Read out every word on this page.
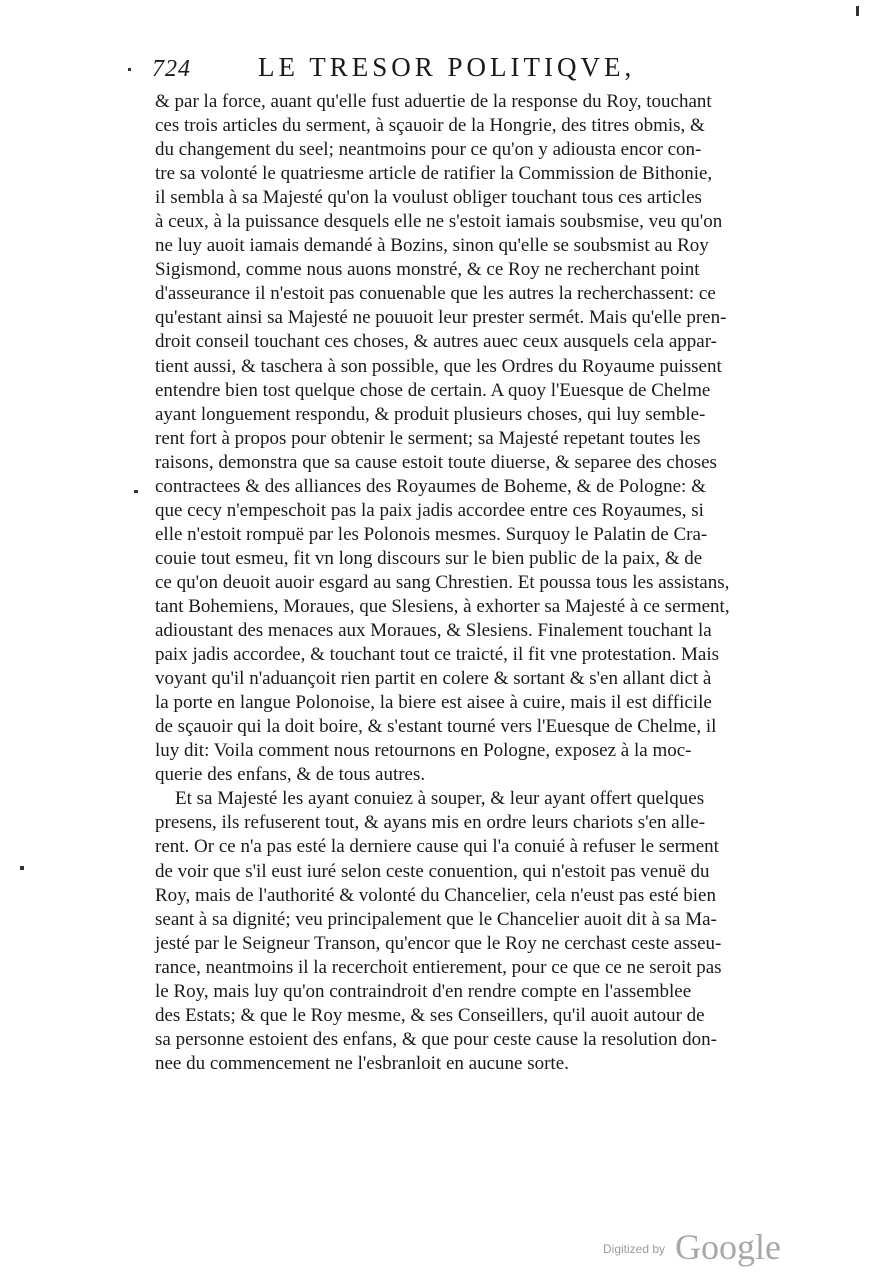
724 LE TRESOR POLITIQVE,
& par la force, auant qu'elle fust aduertie de la response du Roy, touchant
ces trois articles du serment, à sçauoir de la Hongrie, des titres obmis, &
du changement du seel; neantmoins pour ce qu'on y adiousta encor con-
tre sa volonté le quatriesme article de ratifier la Commission de Bithonie,
il sembla à sa Majesté qu'on la voulust obliger touchant tous ces articles
à ceux, à la puissance desquels elle ne s'estoit iamais soubsmise, veu qu'on
ne luy auoit iamais demandé à Bozins, sinon qu'elle se soubsmist au Roy
Sigismond, comme nous auons monstré, & ce Roy ne recherchant point
d'asseurance il n'estoit pas conuenable que les autres la recherchassent: ce
qu'estant ainsi sa Majesté ne pouuoit leur prester sermét. Mais qu'elle pren-
droit conseil touchant ces choses, & autres auec ceux ausquels cela appar-
tient aussi, & taschera à son possible, que les Ordres du Royaume puissent
entendre bien tost quelque chose de certain. A quoy l'Euesque de Chelme
ayant longuement respondu, & produit plusieurs choses, qui luy semble-
rent fort à propos pour obtenir le serment; sa Majesté repetant toutes les
raisons, demonstra que sa cause estoit toute diuerse, & separee des choses
contractees & des alliances des Royaumes de Boheme, & de Pologne: &
que cecy n'empeschoit pas la paix jadis accordee entre ces Royaumes, si
elle n'estoit rompuë par les Polonois mesmes. Surquoy le Palatin de Cra-
couie tout esmeu, fit vn long discours sur le bien public de la paix, & de
ce qu'on deuoit auoir esgard au sang Chrestien. Et poussa tous les assistans,
tant Bohemiens, Moraues, que Slesiens, à exhorter sa Majesté à ce serment,
adioustant des menaces aux Moraues, & Slesiens. Finalement touchant la
paix jadis accordee, & touchant tout ce traicté, il fit vne protestation. Mais
voyant qu'il n'aduançoit rien partit en colere & sortant & s'en allant dict à
la porte en langue Polonoise, la biere est aisee à cuire, mais il est difficile
de sçauoir qui la doit boire, & s'estant tourné vers l'Euesque de Chelme, il
luy dit: Voila comment nous retournons en Pologne, exposez à la moc-
querie des enfans, & de tous autres.
Et sa Majesté les ayant conuiez à souper, & leur ayant offert quelques
presens, ils refuserent tout, & ayans mis en ordre leurs chariots s'en alle-
rent. Or ce n'a pas esté la derniere cause qui l'a conuié à refuser le serment
de voir que s'il eust iuré selon ceste conuention, qui n'estoit pas venuë du
Roy, mais de l'authorité & volonté du Chancelier, cela n'eust pas esté bien
seant à sa dignité; veu principalement que le Chancelier auoit dit à sa Ma-
jesté par le Seigneur Transon, qu'encor que le Roy ne cerchast ceste asseu-
rance, neantmoins il la recerchoit entierement, pour ce que ce ne seroit pas
le Roy, mais luy qu'on contraindroit d'en rendre compte en l'assemblee
des Estats; & que le Roy mesme, & ses Conseillers, qu'il auoit autour de
sa personne estoient des enfans, & que pour ceste cause la resolution don-
nee du commencement ne l'esbranloit en aucune sorte.
Digitized by Google
